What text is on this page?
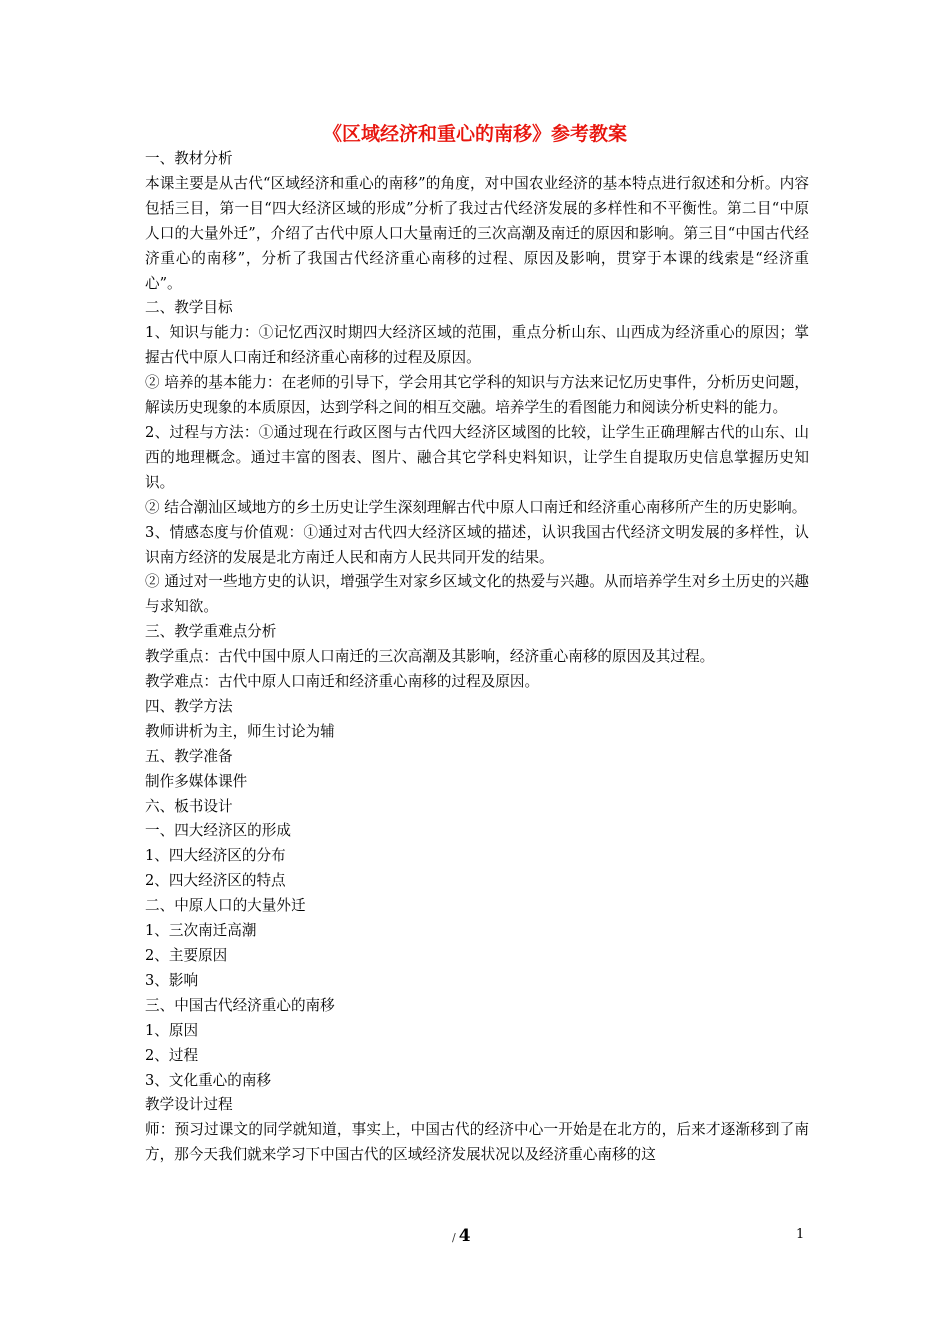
《区域经济和重心的南移》参考教案

一、教材分析

本课主要是从古代“区域经济和重心的南移”的角度，对中国农业经济的基本特点进行叙述和分析。内容包括三目，第一目“四大经济区域的形成”分析了我过古代经济发展的多样性和不平衡性。第二目“中原人口的大量外迁”，介绍了古代中原人口大量南迁的三次高潮及南迁的原因和影响。第三目“中国古代经济重心的南移”，分析了我国古代经济重心南移的过程、原因及影响，贯穿于本课的线索是“经济重心”。

二、教学目标

1、知识与能力：①记忆西汉时期四大经济区域的范围，重点分析山东、山西成为经济重心的原因；掌握古代中原人口南迁和经济重心南移的过程及原因。

② 培养的基本能力：在老师的引导下，学会用其它学科的知识与方法来记忆历史事件，分析历史问题，解读历史现象的本质原因，达到学科之间的相互交融。培养学生的看图能力和阅读分析史料的能力。

2、过程与方法：①通过现在行政区图与古代四大经济区域图的比较，让学生正确理解古代的山东、山西的地理概念。通过丰富的图表、图片、融合其它学科史料知识，让学生自提取历史信息掌握历史知识。

② 结合潮汕区域地方的乡土历史让学生深刻理解古代中原人口南迁和经济重心南移所产生的历史影响。

3、情感态度与价值观：①通过对古代四大经济区域的描述，认识我国古代经济文明发展的多样性，认识南方经济的发展是北方南迁人民和南方人民共同开发的结果。

② 通过对一些地方史的认识，增强学生对家乡区域文化的热爱与兴趣。从而培养学生对乡土历史的兴趣与求知欲。

三、教学重难点分析

教学重点：古代中国中原人口南迁的三次高潮及其影响，经济重心南移的原因及其过程。

教学难点：古代中原人口南迁和经济重心南移的过程及原因。

四、教学方法

教师讲析为主，师生讨论为辅

五、教学准备

制作多媒体课件

六、板书设计

一、四大经济区的形成

1、四大经济区的分布

2、四大经济区的特点

二、中原人口的大量外迁

1、三次南迁高潮

2、主要原因

3、影响

三、中国古代经济重心的南移

1、原因

2、过程

3、文化重心的南移

教学设计过程

师：预习过课文的同学就知道，事实上，中国古代的经济中心一开始是在北方的，后来才逐渐移到了南方，那今天我们就来学习下中国古代的区域经济发展状况以及经济重心南移的这

/ 4	1
